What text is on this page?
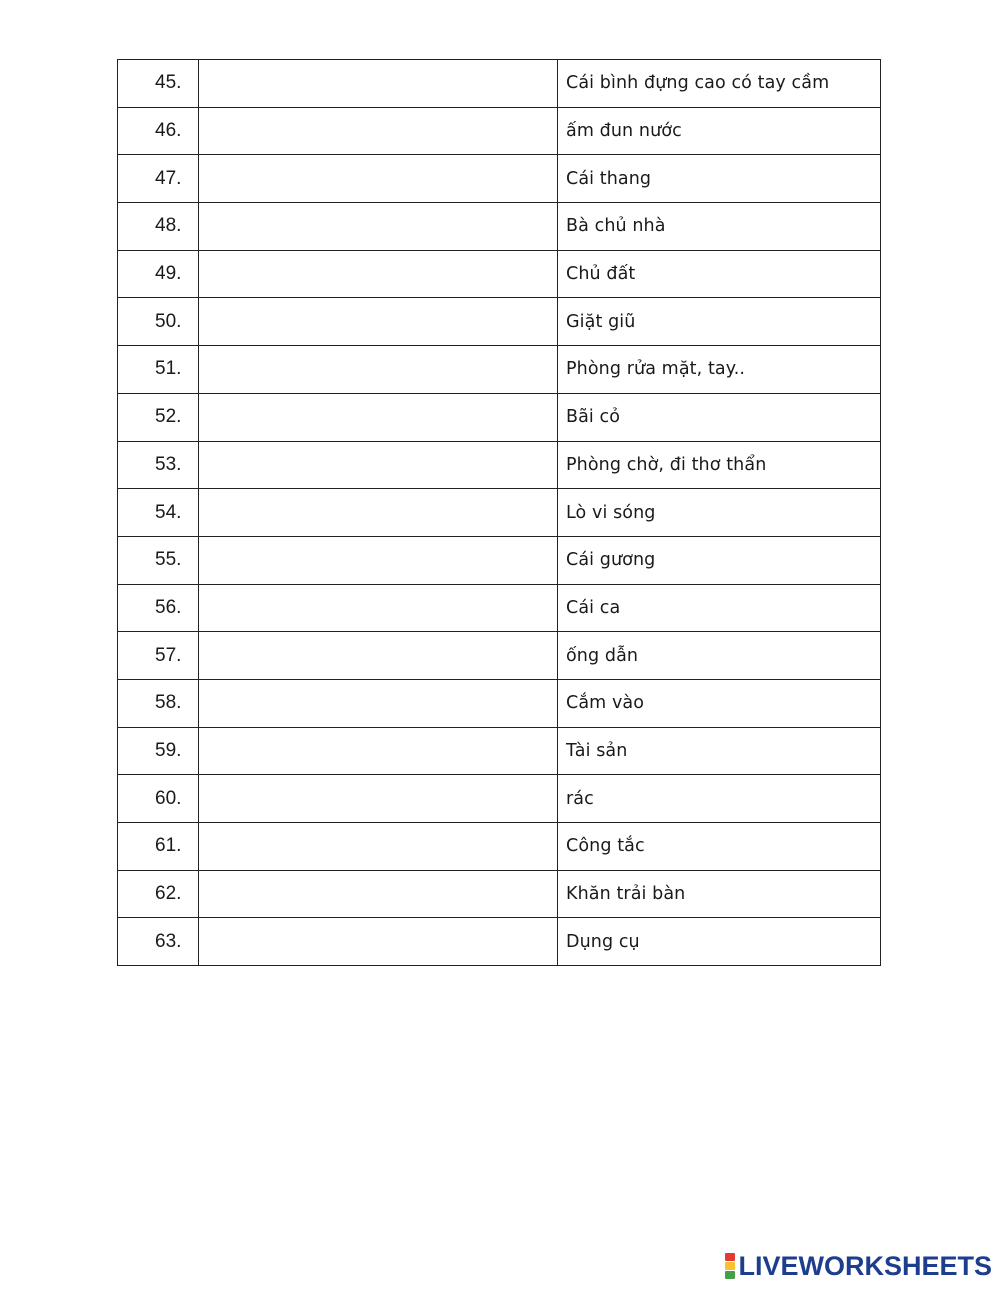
45.		Cái bình đựng cao có tay cầm
46.		ấm đun nước
47.		Cái thang
48.		Bà chủ nhà
49.		Chủ đất
50.		Giặt giũ
51.		Phòng rửa mặt, tay..
52.		Bãi cỏ
53.		Phòng chờ, đi thơ thẩn
54.		Lò vi sóng
55.		Cái gương
56.		Cái ca
57.		ống dẫn
58.		Cắm vào
59.		Tài sản
60.		rác
61.		Công tắc
62.		Khăn trải bàn
63.		Dụng cụ
LIVEWORKSHEETS
